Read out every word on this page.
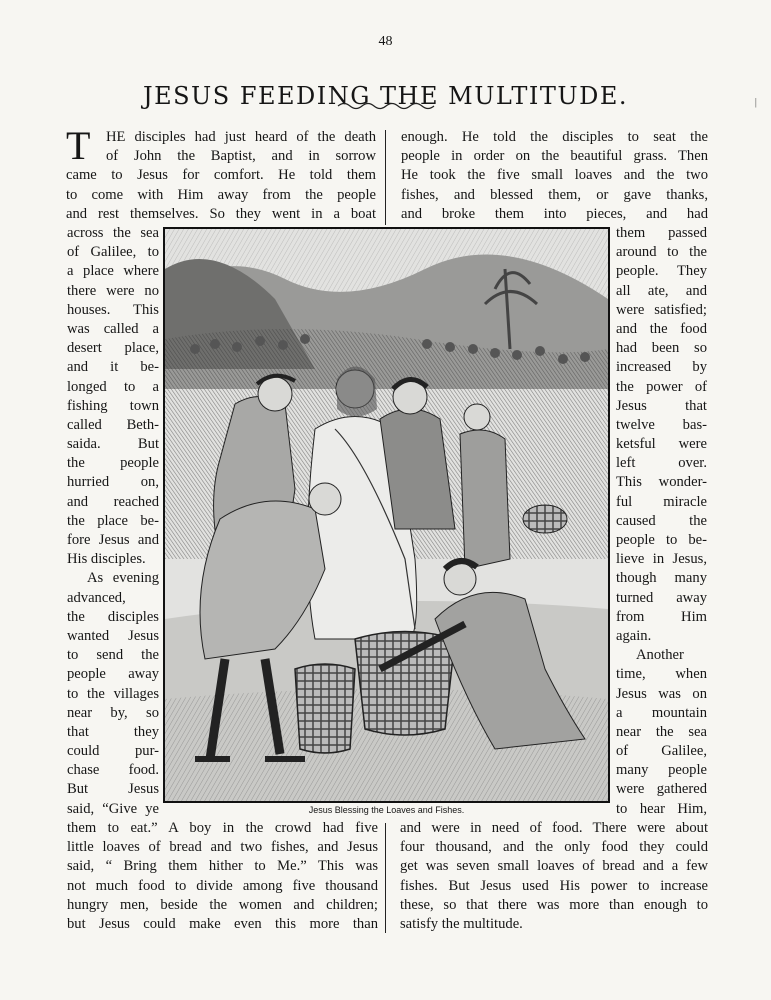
48
JESUS FEEDING THE MULTITUDE.
T	HE disciples had just heard of the death
of John the Baptist, and in sorrow
came to Jesus for comfort. He told them
to come with Him away from the people
and rest themselves. So they went in a boat
across the sea
of Galilee, to
a place where
there were no
houses. This
was called a
desert place,
and it be-
longed to a
fishing town
called Beth-
saida. But
the people
hurried on,
and reached
the place be-
fore Jesus and
His disciples.
As evening
advanced,
the disciples
wanted Jesus
to send the
people away
to the villages
near by, so
that they
could pur-
chase food.
But Jesus
said, “Give ye
them to eat.” A boy in the crowd had five
little loaves of bread and two fishes, and Jesus
said, “ Bring them hither to Me.” This was
not much food to divide among five thousand
hungry men, beside the women and children;
but Jesus could make even this more than
enough. He told the disciples to seat the
people in order on the beautiful grass. Then
He took the five small loaves and the two
fishes, and blessed them, or gave thanks,
and broke them into pieces, and had
them passed
around to the
people. They
all ate, and
were satisfied;
and the food
had been so
increased by
the power of
Jesus that
twelve bas-
ketsful were
left over.
This wonder-
ful miracle
caused the
people to be-
lieve in Jesus,
though many
turned away
from Him
again.
Another
time, when
Jesus was on
a mountain
near the sea
of Galilee,
many people
were gathered
to hear Him,
and were in need of food. There were about
four thousand, and the only food they could
get was seven small loaves of bread and a few
fishes. But Jesus used His power to increase
these, so that there was more than enough to
satisfy the multitude.
Jesus Blessing the Loaves and Fishes.
|
